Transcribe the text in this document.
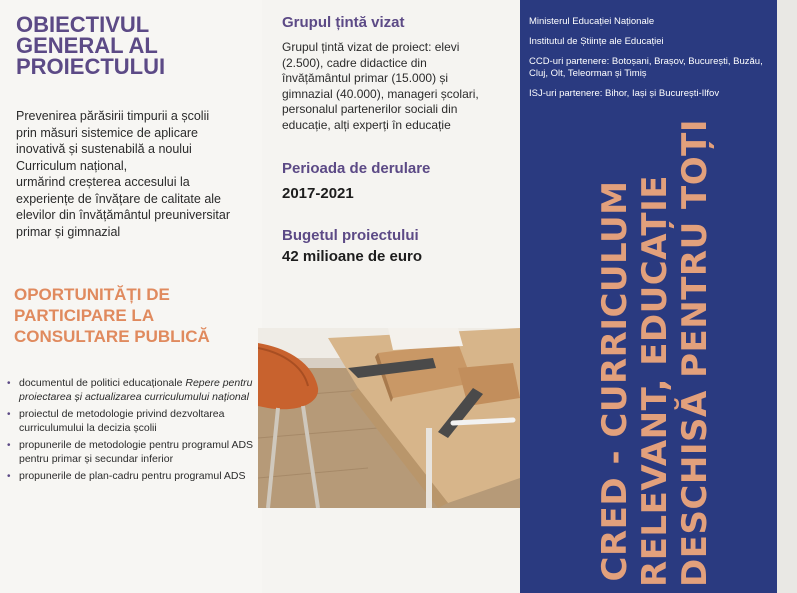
OBIECTIVUL
GENERAL AL
PROIECTULUI

Prevenirea părăsirii timpurii a școlii
prin măsuri sistemice de aplicare
inovativă și sustenabilă a noului
Curriculum național,
urmărind creșterea accesului la
experiențe de învățare de calitate ale
elevilor din învățământul preuniversitar
primar și gimnazial

OPORTUNITĂȚI DE
PARTICIPARE LA
CONSULTARE PUBLICĂ
• documentul de politici educaționale Repere pentru proiectarea și actualizarea curriculumului național
• proiectul de metodologie privind dezvoltarea curriculumului la decizia școlii
• propunerile de metodologie pentru programul ADS pentru primar și secundar inferior
• propunerile de plan-cadru pentru programul ADS
Grupul țintă vizat

Grupul țintă vizat de proiect: elevi
(2.500), cadre didactice din
învățământul primar (15.000) și
gimnazial (40.000), manageri școlari,
personalul partenerilor sociali din
educație, alți experți în educație

Perioada de derulare

2017-2021

Bugetul proiectului

42 milioane de euro

Ministerul Educației Naționale

Institutul de Științe ale Educației

CCD-uri partenere: Botoșani, Brașov, București, Buzău, Cluj, Olt, Teleorman și Timiș

ISJ-uri partenere: Bihor, Iași și București-Ilfov

CRED - CURRICULUM RELEVANT, EDUCAȚIE DESCHISĂ PENTRU TOȚI
